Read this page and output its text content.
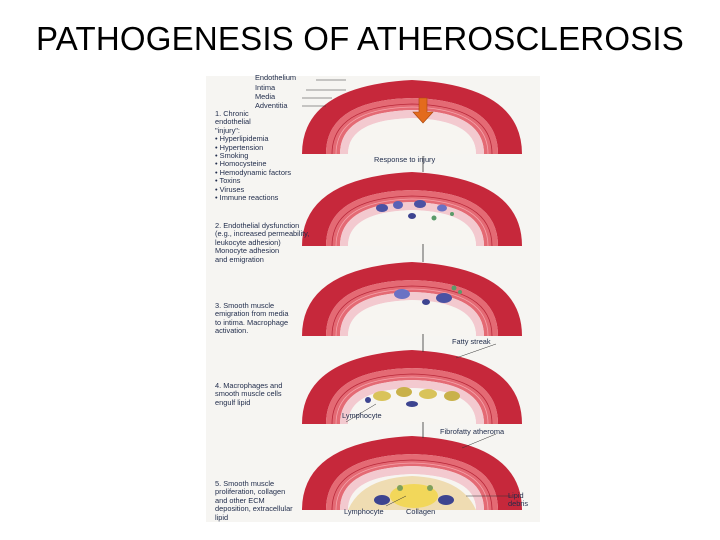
PATHOGENESIS OF ATHEROSCLEROSIS
Endothelium
Intima
Media
Adventitia
1. Chronic
endothelial
"injury":
• Hyperlipidemia
• Hypertension
• Smoking
• Homocysteine
• Hemodynamic factors
• Toxins
• Viruses
• Immune reactions
2. Endothelial dysfunction
(e.g., increased permeability,
leukocyte adhesion)
Monocyte adhesion
and emigration
3. Smooth muscle
emigration from media
to intima. Macrophage
activation.
4. Macrophages and
smooth muscle cells
engulf lipid
5. Smooth muscle
proliferation, collagen
and other ECM
deposition, extracellular
lipid
Response to injury
Fatty streak
Lymphocyte
Fibrofatty atheroma
Lipid
debris
Lymphocyte	Collagen
